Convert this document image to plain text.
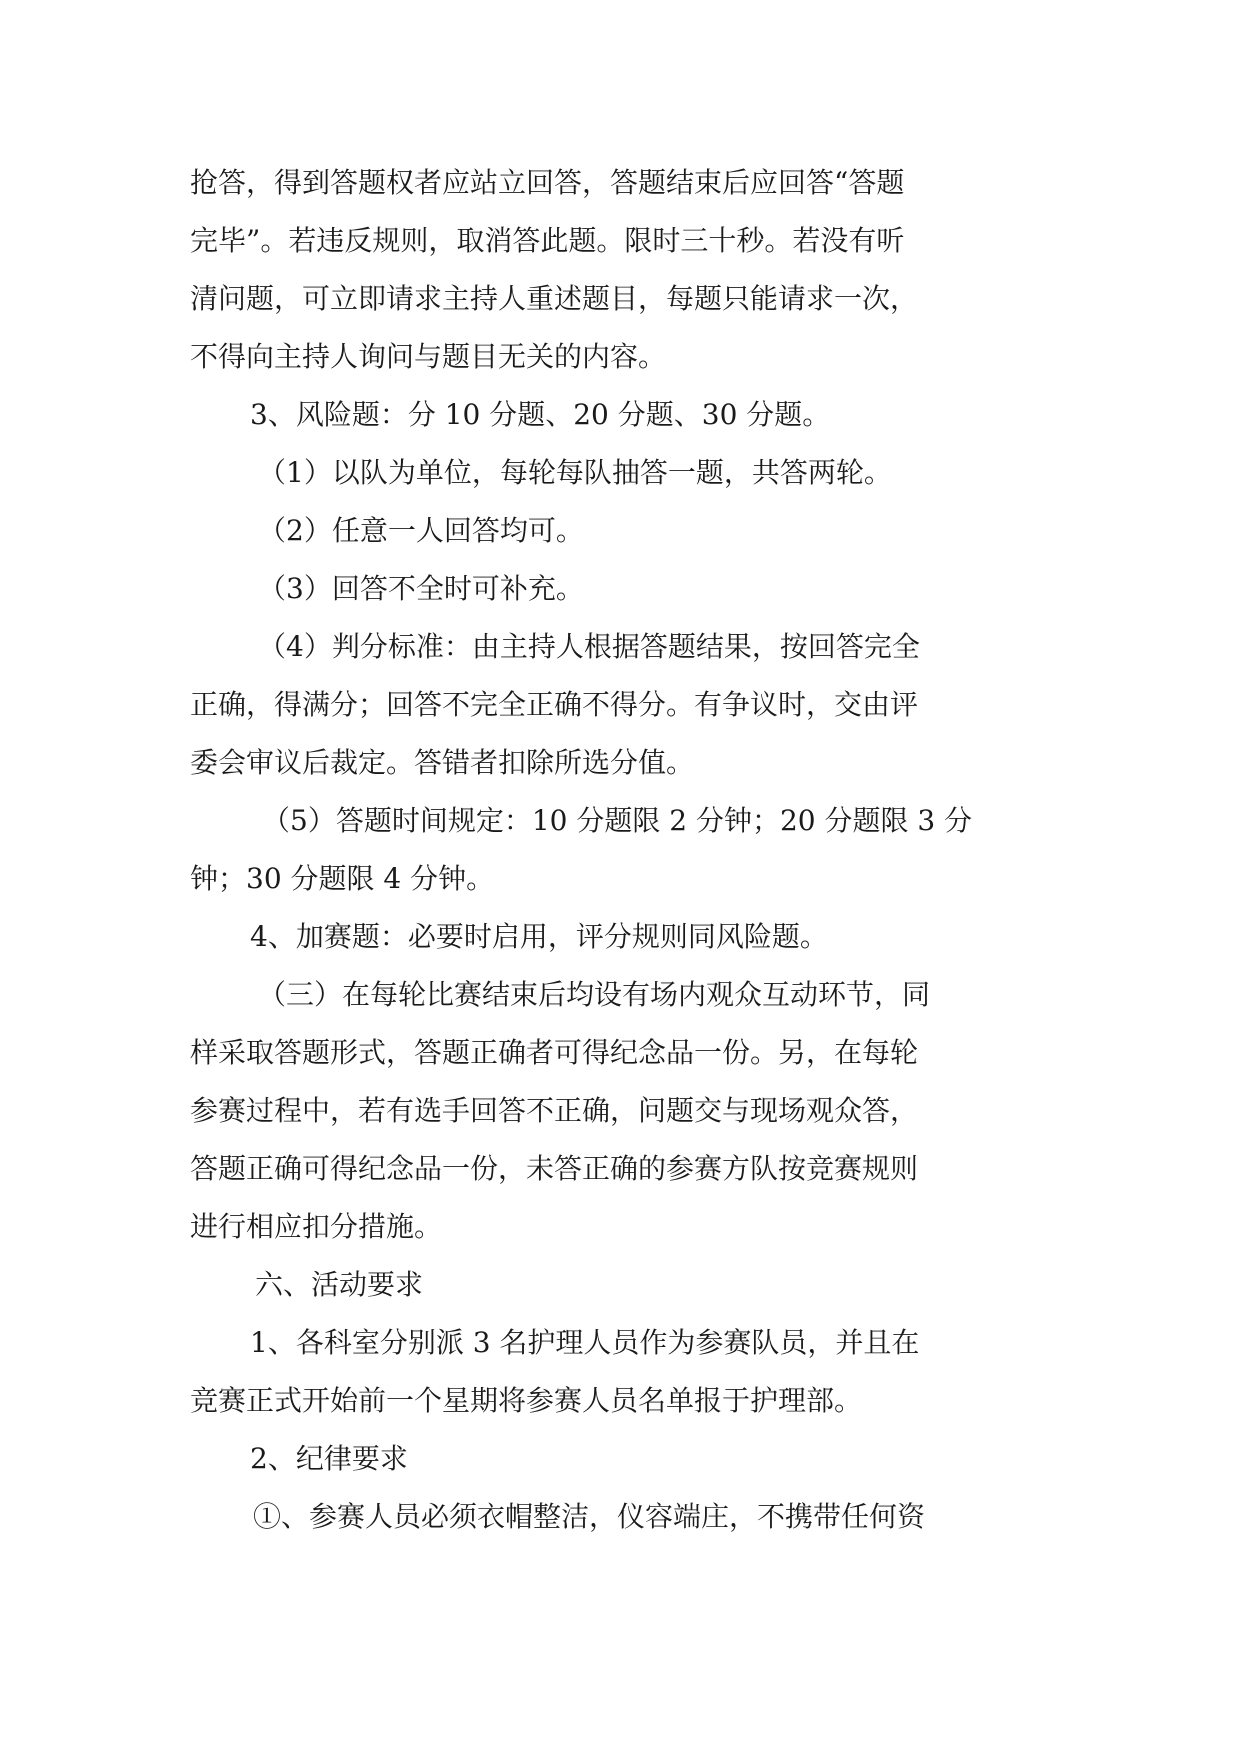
抢答，得到答题权者应站立回答，答题结束后应回答“答题

完毕”。若违反规则，取消答此题。限时三十秒。若没有听

清问题，可立即请求主持人重述题目，每题只能请求一次，

不得向主持人询问与题目无关的内容。

3、风险题：分 10 分题、20 分题、30 分题。

（1）以队为单位，每轮每队抽答一题，共答两轮。

（2）任意一人回答均可。

（3）回答不全时可补充。

（4）判分标准：由主持人根据答题结果，按回答完全

正确，得满分；回答不完全正确不得分。有争议时，交由评

委会审议后裁定。答错者扣除所选分值。

（5）答题时间规定：10 分题限 2 分钟；20 分题限 3 分

钟；30 分题限 4 分钟。

4、加赛题：必要时启用，评分规则同风险题。

（三）在每轮比赛结束后均设有场内观众互动环节，同

样采取答题形式，答题正确者可得纪念品一份。另，在每轮

参赛过程中，若有选手回答不正确，问题交与现场观众答，

答题正确可得纪念品一份，未答正确的参赛方队按竞赛规则

进行相应扣分措施。

六、活动要求

1、各科室分别派 3 名护理人员作为参赛队员，并且在

竞赛正式开始前一个星期将参赛人员名单报于护理部。

2、纪律要求

①、参赛人员必须衣帽整洁，仪容端庄，不携带任何资
